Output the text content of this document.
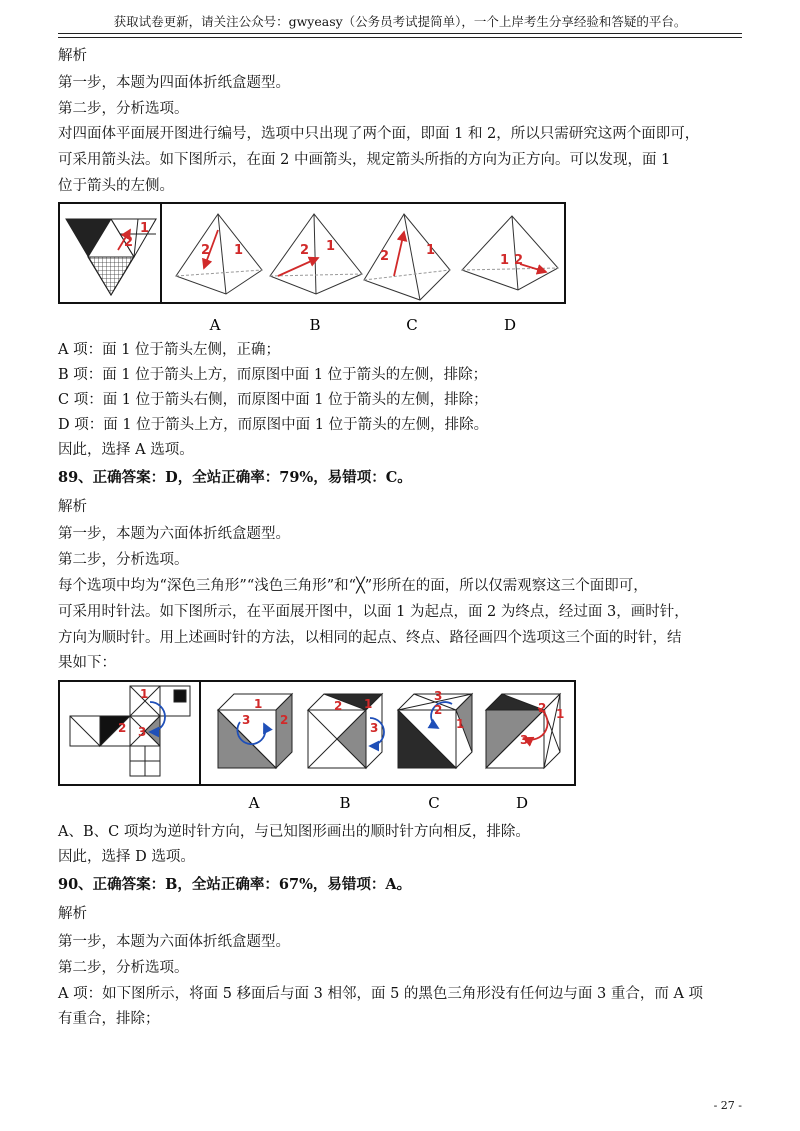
获取试卷更新，请关注公众号：gwyeasy（公务员考试提简单），一个上岸考生分享经验和答疑的平台。
解析
第一步，本题为四面体折纸盒题型。
第二步，分析选项。
对四面体平面展开图进行编号，选项中只出现了两个面，即面 1 和 2，所以只需研究这两个面即可，
可采用箭头法。如下图所示，在面 2 中画箭头，规定箭头所指的方向为正方向。可以发现，面 1
位于箭头的左侧。
1
2
2 1	2 1
2	1
1 2
A	B	C	D
A 项：面 1 位于箭头左侧，正确；
B 项：面 1 位于箭头上方，而原图中面 1 位于箭头的左侧，排除；
C 项：面 1 位于箭头右侧，而原图中面 1 位于箭头的左侧，排除；
D 项：面 1 位于箭头上方，而原图中面 1 位于箭头的左侧，排除。
因此，选择 A 选项。
89、正确答案：D，全站正确率：79%，易错项：C。
解析
第一步，本题为六面体折纸盒题型。
第二步，分析选项。
每个选项中均为“深色三角形”“浅色三角形”和“╳”形所在的面，所以仅需观察这三个面即可，
可采用时针法。如下图所示，在平面展开图中，以面 1 为起点，面 2 为终点，经过面 3，画时针，
方向为顺时针。用上述画时针的方法，以相同的起点、终点、路径画四个选项这三个面的时针，结
果如下：
1
2 3
3
1
2
2 1
3
3
2
1
2 1
3
A	B	C	D
A、B、C 项均为逆时针方向，与已知图形画出的顺时针方向相反，排除。
因此，选择 D 选项。
90、正确答案：B，全站正确率：67%，易错项：A。
解析
第一步，本题为六面体折纸盒题型。
第二步，分析选项。
A 项：如下图所示，将面 5 移面后与面 3 相邻，面 5 的黑色三角形没有任何边与面 3 重合，而 A 项
有重合，排除；
- 27 -
